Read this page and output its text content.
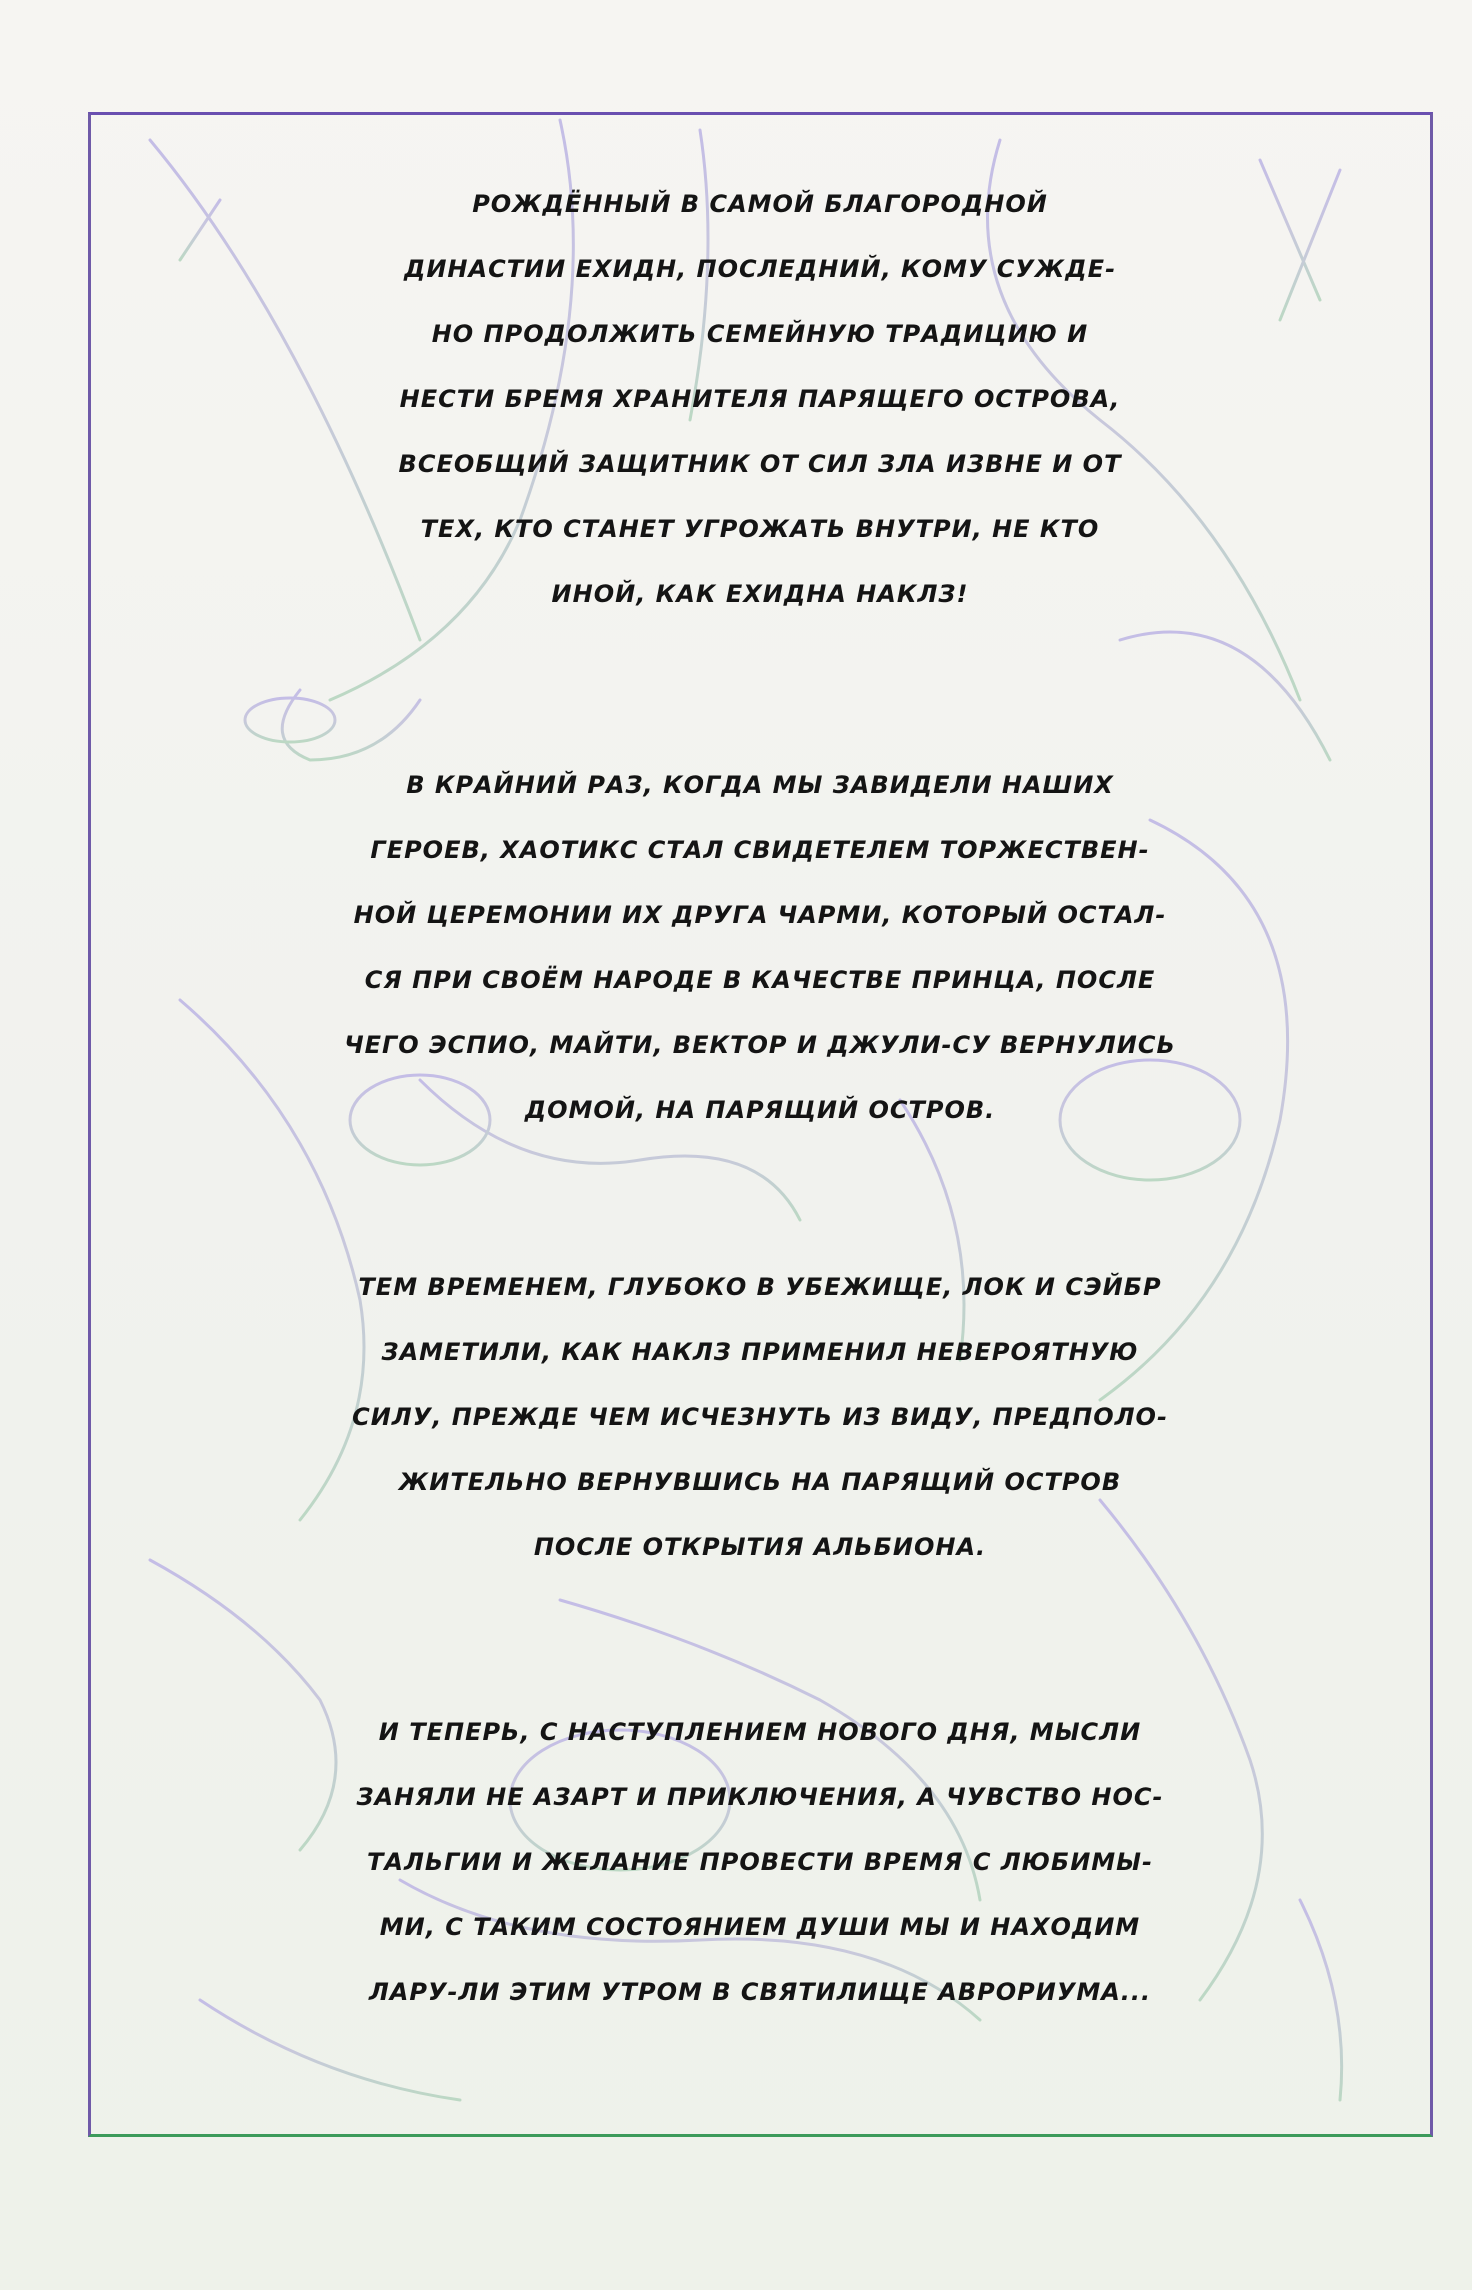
РОЖДЁННЫЙ В САМОЙ БЛАГОРОДНОЙ
ДИНАСТИИ ЕХИДН, ПОСЛЕДНИЙ, КОМУ СУЖДЕ-
НО ПРОДОЛЖИТЬ СЕМЕЙНУЮ ТРАДИЦИЮ И
НЕСТИ БРЕМЯ ХРАНИТЕЛЯ ПАРЯЩЕГО ОСТРОВА,
ВСЕОБЩИЙ ЗАЩИТНИК ОТ СИЛ ЗЛА ИЗВНЕ И ОТ
ТЕХ, КТО СТАНЕТ УГРОЖАТЬ ВНУТРИ, НЕ КТО
ИНОЙ, КАК ЕХИДНА НАКЛЗ!
В КРАЙНИЙ РАЗ, КОГДА МЫ ЗАВИДЕЛИ НАШИХ
ГЕРОЕВ, ХАОТИКС СТАЛ СВИДЕТЕЛЕМ ТОРЖЕСТВЕН-
НОЙ ЦЕРЕМОНИИ ИХ ДРУГА ЧАРМИ, КОТОРЫЙ ОСТАЛ-
СЯ ПРИ СВОЁМ НАРОДЕ В КАЧЕСТВЕ ПРИНЦА, ПОСЛЕ
ЧЕГО ЭСПИО, МАЙТИ, ВЕКТОР И ДЖУЛИ-СУ ВЕРНУЛИСЬ
ДОМОЙ, НА ПАРЯЩИЙ ОСТРОВ.
ТЕМ ВРЕМЕНЕМ, ГЛУБОКО В УБЕЖИЩЕ, ЛОК И СЭЙБР
ЗАМЕТИЛИ, КАК НАКЛЗ ПРИМЕНИЛ НЕВЕРОЯТНУЮ
СИЛУ, ПРЕЖДЕ ЧЕМ ИСЧЕЗНУТЬ ИЗ ВИДУ, ПРЕДПОЛО-
ЖИТЕЛЬНО ВЕРНУВШИСЬ НА ПАРЯЩИЙ ОСТРОВ
ПОСЛЕ ОТКРЫТИЯ АЛЬБИОНА.
И ТЕПЕРЬ, С НАСТУПЛЕНИЕМ НОВОГО ДНЯ, МЫСЛИ
ЗАНЯЛИ НЕ АЗАРТ И ПРИКЛЮЧЕНИЯ, А ЧУВСТВО НОС-
ТАЛЬГИИ И ЖЕЛАНИЕ ПРОВЕСТИ ВРЕМЯ С ЛЮБИМЫ-
МИ, С ТАКИМ СОСТОЯНИЕМ ДУШИ МЫ И НАХОДИМ
ЛАРУ-ЛИ ЭТИМ УТРОМ В СВЯТИЛИЩЕ АВРОРИУМА...
